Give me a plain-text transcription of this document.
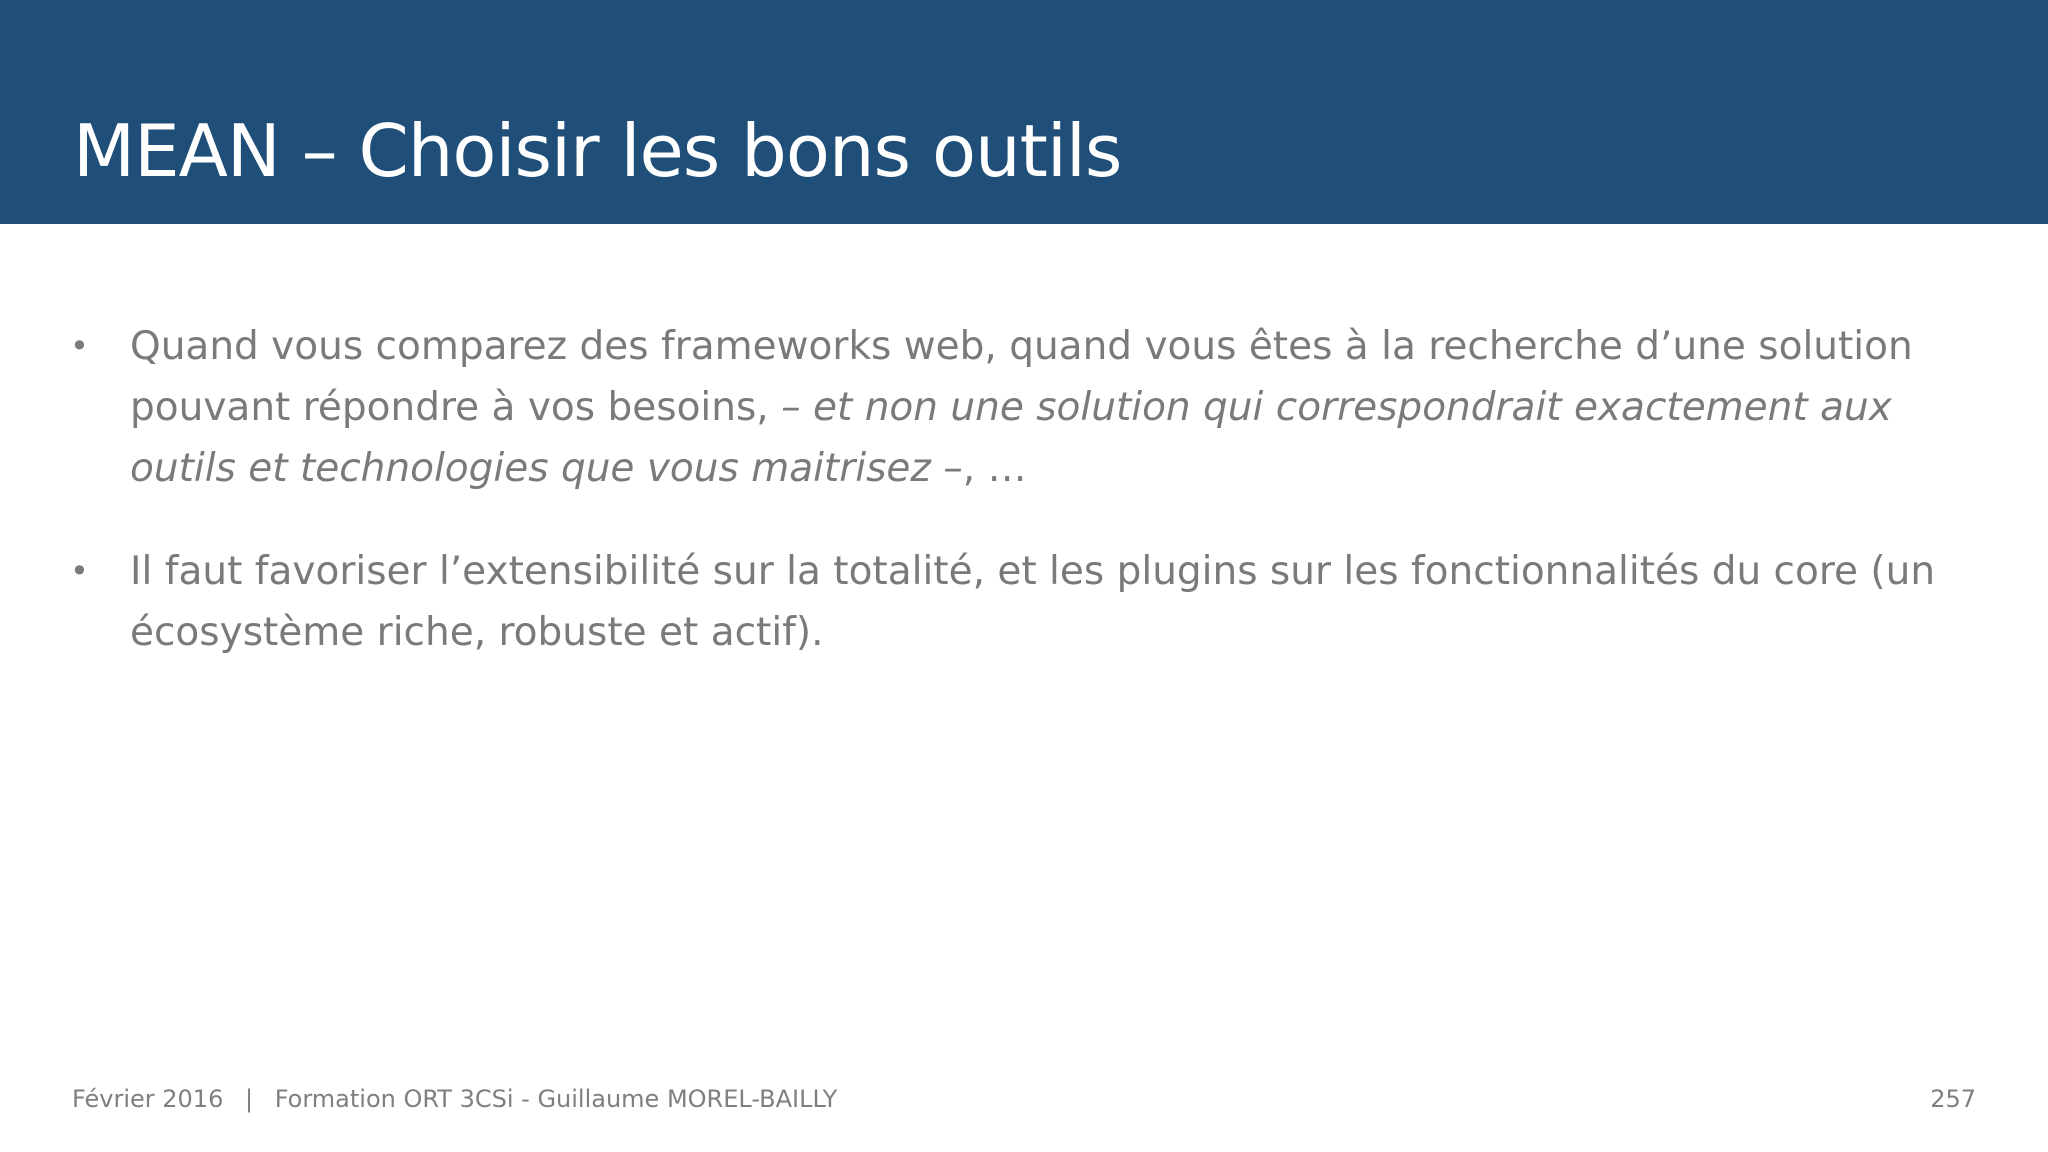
MEAN – Choisir les bons outils
• Quand vous comparez des frameworks web, quand vous êtes à la recherche d’une solution pouvant répondre à vos besoins, – et non une solution qui correspondrait exactement aux outils et technologies que vous maitrisez –, …
• Il faut favoriser l’extensibilité sur la totalité, et les plugins sur les fonctionnalités du core (un écosystème riche, robuste et actif).
Février 2016 | Formation ORT 3CSi - Guillaume MOREL-BAILLY	257
